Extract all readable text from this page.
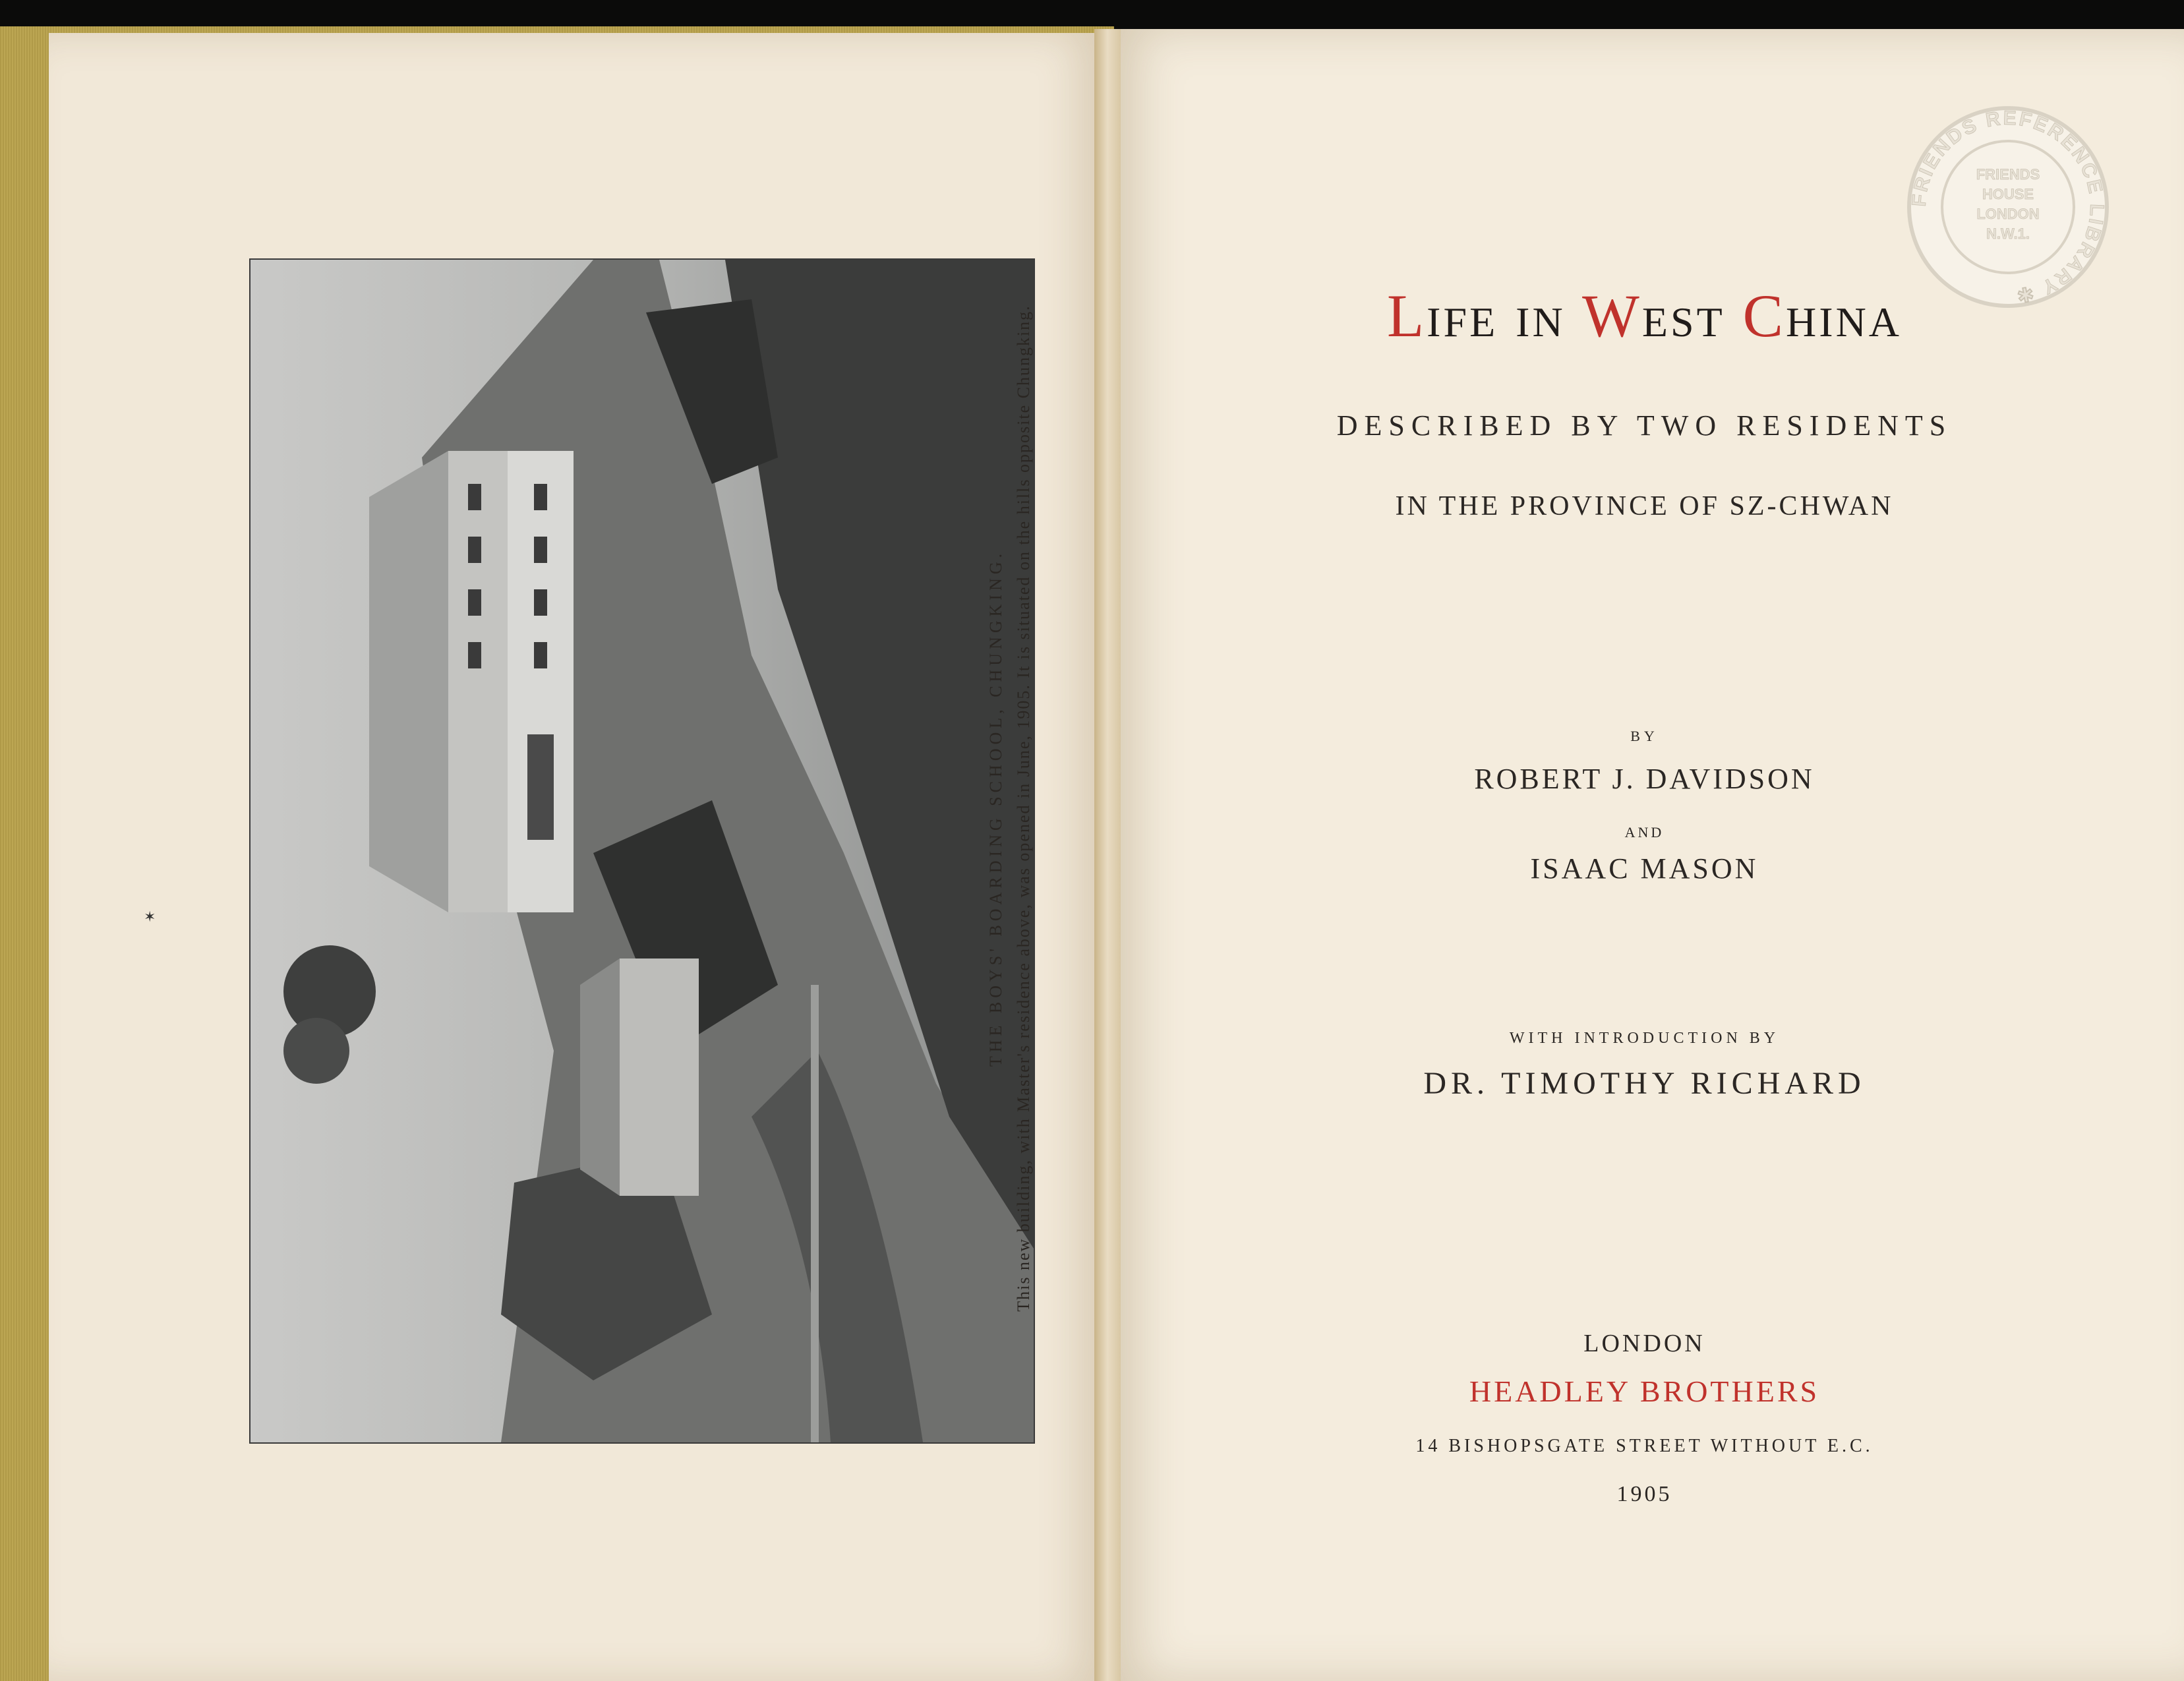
THE BOYS' BOARDING SCHOOL, CHUNGKING. This new building, with Master's residence above, was opened in June, 1905. It is situated on the hills opposite Chungking.
✶
Life in West China
DESCRIBED BY TWO RESIDENTS
IN THE PROVINCE OF SZ-CHWAN
BY
ROBERT J. DAVIDSON
AND
ISAAC MASON
WITH INTRODUCTION BY
DR. TIMOTHY RICHARD
LONDON
HEADLEY BROTHERS
14 BISHOPSGATE STREET WITHOUT E.C.
1905
FRIENDS REFERENCE LIBRARY ✱
FRIENDS
HOUSE
LONDON
N.W.1.
